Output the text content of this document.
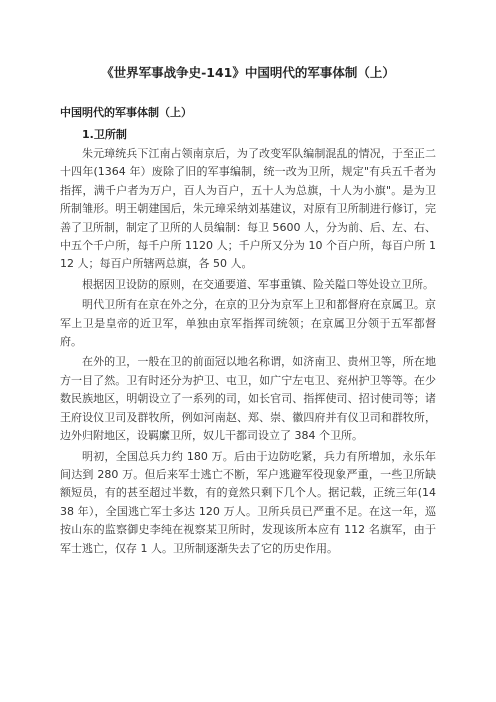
《世界军事战争史-141》中国明代的军事体制（上）
中国明代的军事体制（上）
1.卫所制

朱元璋统兵下江南占领南京后，为了改变军队编制混乱的情况，于至正二十四年(1364 年）废除了旧的军事编制，统一改为卫所，规定"有兵五千者为指挥，满千户者为万户，百人为百户，五十人为总旗，十人为小旗"。是为卫所制雏形。明王朝建国后，朱元璋采纳刘基建议，对原有卫所制进行修订，完善了卫所制，制定了卫所的人员编制：每卫 5600 人，分为前、后、左、右、中五个千户所，每千户所 1120 人；千户所又分为 10 个百户所，每百户所 112 人；每百户所辖两总旗，各 50 人。

根据因卫设防的原则，在交通要道、军事重镇、险关隘口等处设立卫所。

明代卫所有在京在外之分，在京的卫分为京军上卫和都督府在京属卫。京军上卫是皇帝的近卫军，单独由京军指挥司统领；在京属卫分领于五军都督府。

在外的卫，一般在卫的前面冠以地名称谓，如济南卫、贵州卫等，所在地方一目了然。卫有时还分为护卫、屯卫，如广宁左屯卫、兖州护卫等等。在少数民族地区，明朝设立了一系列的司，如长官司、指挥使司、招讨使司等；诸王府设仪卫司及群牧所，例如河南赵、郑、崇、徽四府并有仪卫司和群牧所，边外归附地区，设羁縻卫所，奴儿干都司设立了 384 个卫所。

明初，全国总兵力约 180 万。后由于边防吃紧，兵力有所增加，永乐年间达到 280 万。但后来军士逃亡不断，军户逃避军役现象严重，一些卫所缺额短员，有的甚至超过半数，有的竟然只剩下几个人。据记载，正统三年(1438 年），全国逃亡军士多达 120 万人。卫所兵员已严重不足。在这一年，巡按山东的监察御史李纯在视察某卫所时，发现该所本应有 112 名旗军，由于军士逃亡，仅存 1 人。卫所制逐渐失去了它的历史作用。
